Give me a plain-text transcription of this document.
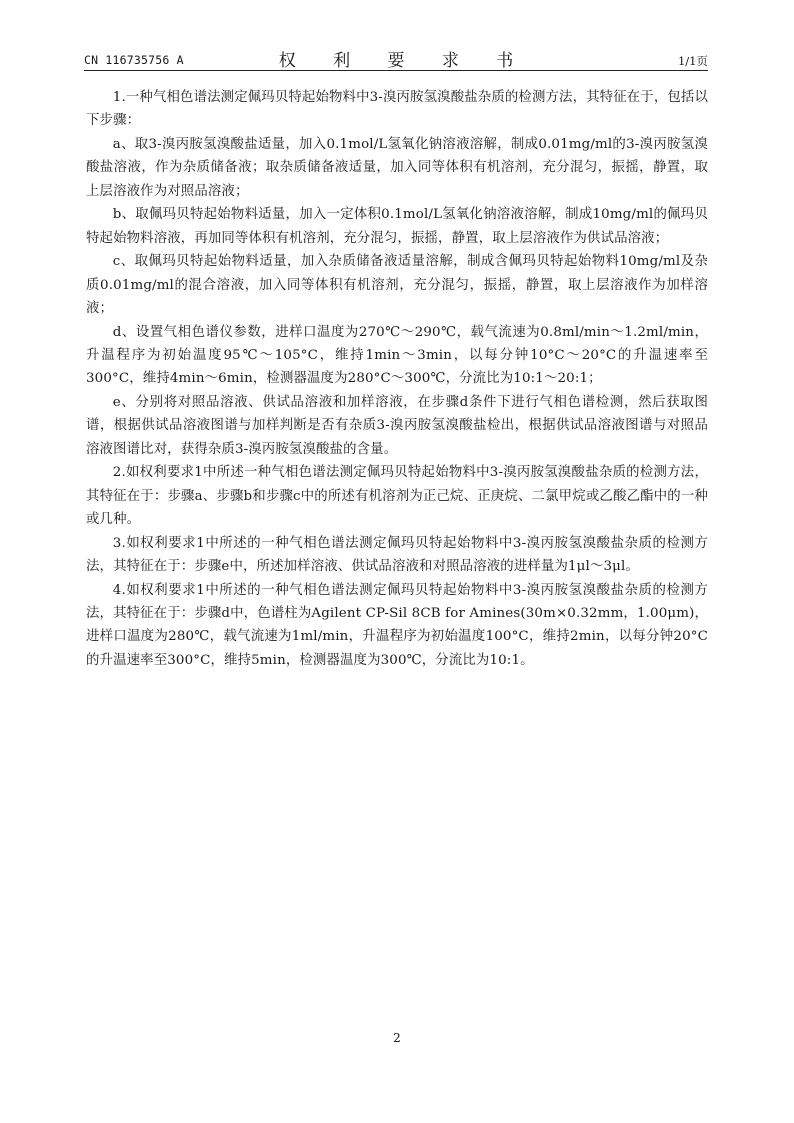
CN 116735756 A	权 利 要 求 书	1/1页

1.一种气相色谱法测定佩玛贝特起始物料中3-溴丙胺氢溴酸盐杂质的检测方法，其特征在于，包括以下步骤：

a、取3-溴丙胺氢溴酸盐适量，加入0.1mol/L氢氧化钠溶液溶解，制成0.01mg/ml的3-溴丙胺氢溴酸盐溶液，作为杂质储备液；取杂质储备液适量，加入同等体积有机溶剂，充分混匀，振摇，静置，取上层溶液作为对照品溶液；

b、取佩玛贝特起始物料适量，加入一定体积0.1mol/L氢氧化钠溶液溶解，制成10mg/ml的佩玛贝特起始物料溶液，再加同等体积有机溶剂，充分混匀，振摇，静置，取上层溶液作为供试品溶液；

c、取佩玛贝特起始物料适量，加入杂质储备液适量溶解，制成含佩玛贝特起始物料10mg/ml及杂质0.01mg/ml的混合溶液，加入同等体积有机溶剂，充分混匀，振摇，静置，取上层溶液作为加样溶液；

d、设置气相色谱仪参数，进样口温度为270℃～290℃，载气流速为0.8ml/min～1.2ml/min，升温程序为初始温度95℃～105°C，维持1min～3min，以每分钟10°C～20°C的升温速率至300°C，维持4min～6min，检测器温度为280°C～300℃，分流比为10:1～20:1；

e、分别将对照品溶液、供试品溶液和加样溶液，在步骤d条件下进行气相色谱检测，然后获取图谱，根据供试品溶液图谱与加样判断是否有杂质3-溴丙胺氢溴酸盐检出，根据供试品溶液图谱与对照品溶液图谱比对，获得杂质3-溴丙胺氢溴酸盐的含量。

2.如权利要求1中所述一种气相色谱法测定佩玛贝特起始物料中3-溴丙胺氢溴酸盐杂质的检测方法，其特征在于：步骤a、步骤b和步骤c中的所述有机溶剂为正己烷、正庚烷、二氯甲烷或乙酸乙酯中的一种或几种。

3.如权利要求1中所述的一种气相色谱法测定佩玛贝特起始物料中3-溴丙胺氢溴酸盐杂质的检测方法，其特征在于：步骤e中，所述加样溶液、供试品溶液和对照品溶液的进样量为1μl～3μl。

4.如权利要求1中所述的一种气相色谱法测定佩玛贝特起始物料中3-溴丙胺氢溴酸盐杂质的检测方法，其特征在于：步骤d中，色谱柱为Agilent CP-Sil 8CB for Amines(30m×0.32mm，1.00μm)，进样口温度为280℃，载气流速为1ml/min，升温程序为初始温度100°C，维持2min，以每分钟20°C的升温速率至300°C，维持5min，检测器温度为300℃，分流比为10:1。

2
